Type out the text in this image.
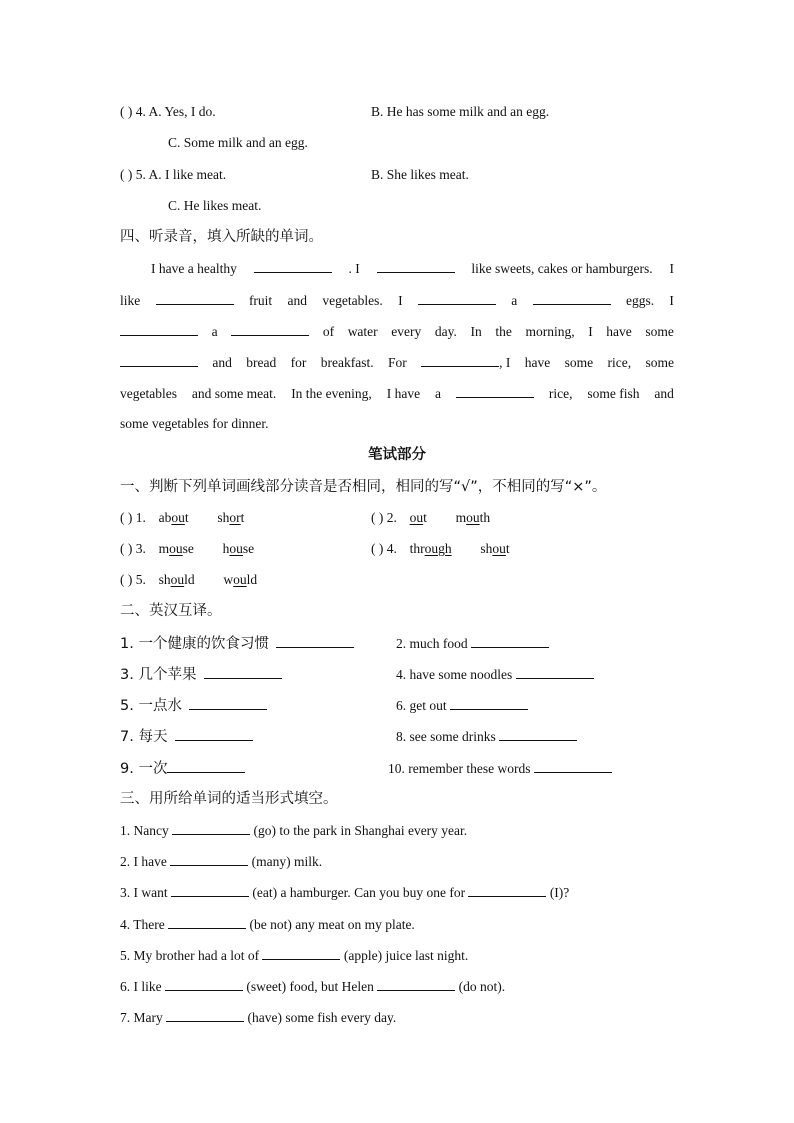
( ) 4. A. Yes, I do.	B. He has some milk and an egg.
C. Some milk and an egg.
( ) 5. A. I like meat.	B. She likes meat.
C. He likes meat.
四、听录音，填入所缺的单词。
I have a healthy	. I	like sweets, cakes or hamburgers. I
like	fruit and vegetables. I	a	eggs. I
a	of water every day. In the morning, I have some
and bread for breakfast. For	, I have some rice, some
vegetables and some meat. In the evening, I have a	rice, some fish and
some vegetables for dinner.
笔试部分
一、判断下列单词画线部分读音是否相同，相同的写“√”，不相同的写“×”。
( ) 1. about short	( ) 2. out mouth
( ) 3. mouse house	( ) 4. through shout
( ) 5. should would
二、英汉互译。
1. 一个健康的饮食习惯	2. much food
3. 几个苹果	4. have some noodles
5. 一点水	6. get out
7. 每天	8. see some drinks
9. 一次	10. remember these words
三、用所给单词的适当形式填空。
1. Nancy	(go) to the park in Shanghai every year.
2. I have	(many) milk.
3. I want	(eat) a hamburger. Can you buy one for	(I)?
4. There	(be not) any meat on my plate.
5. My brother had a lot of	(apple) juice last night.
6. I like	(sweet) food, but Helen	(do not).
7. Mary	(have) some fish every day.
